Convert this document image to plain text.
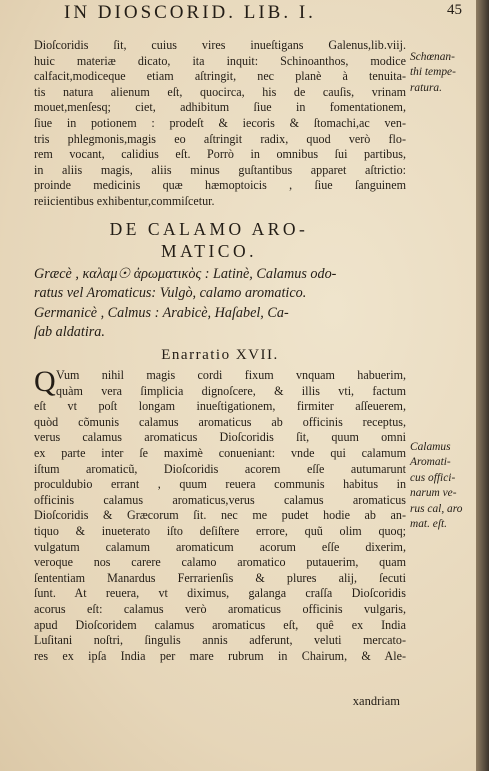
IN DIOSCORID. LIB. I.	45
Dioſcoridis ſit, cuius vires inueſtigans Galenus,lib.viij.
huic materiæ dicato, ita inquit: Schinoanthos, modice
calfacit,modiceque etiam aſtringit, nec planè à tenuita-
tis natura alienum eſt, quocirca, his de cauſis, vrinam
mouet,menſesq; ciet, adhibitum ſiue in fomentationem,
ſiue in potionem : prodeſt & iecoris & ſtomachi,ac ven-
tris phlegmonis,magis eo aſtringit radix, quod verò flo-
rem vocant, calidius eſt. Porrò in omnibus ſui partibus,
in aliis magis, aliis minus guſtantibus apparet aſtrictio:
proinde medicinis quæ hæmoptoicis , ſiue ſanguinem
reiicientibus exhibentur,commiſcetur.
Schœnan-
thi tempe-
ratura.
DE CALAMO ARO-
MATICO.
Græcè , καλαμ☉ ἀρωματικὸς : Latinè, Calamus odo-
ratus vel Aromaticus: Vulgò, calamo aromatico.
Germanicè , Calmus : Arabicè, Haſabel, Ca-
ſab aldatira.
Enarratio XVII.
Q Vum nihil magis cordi fixum vnquam habuerim,
quàm vera ſimplicia dignoſcere, & illis vti, factum
eſt vt poſt longam inueſtigationem, firmiter aſſeuerem,
quòd cõmunis calamus aromaticus ab officinis receptus,
verus calamus aromaticus Dioſcoridis ſit, quum omni
ex parte inter ſe maximè conueniant: vnde qui calamum
iſtum aromaticũ, Dioſcoridis acorem eſſe autumarunt
proculdubio errant , quum reuera communis habitus in
officinis calamus aromaticus,verus calamus aromaticus
Dioſcoridis & Græcorum ſit. nec me pudet hodie ab an-
tiquo & inueterato iſto deſiſtere errore, quũ olim quoq;
vulgatum calamum aromaticum acorum eſſe dixerim,
veroque nos carere calamo aromatico putauerim, quam
ſententiam Manardus Ferrarienſis & plures alij, ſecuti
ſunt. At reuera, vt diximus, galanga craſſa Dioſcoridis
acorus eſt: calamus verò aromaticus officinis vulgaris,
apud Dioſcoridem calamus aromaticus eſt, quê ex India
Luſitani noſtri, ſingulis annis adferunt, veluti mercato-
res ex ipſa India per mare rubrum in Chairum, & Ale-
xandriam
Calamus
Aromati-
cus offici-
narum ve-
rus cal, aro
mat. eſt.
